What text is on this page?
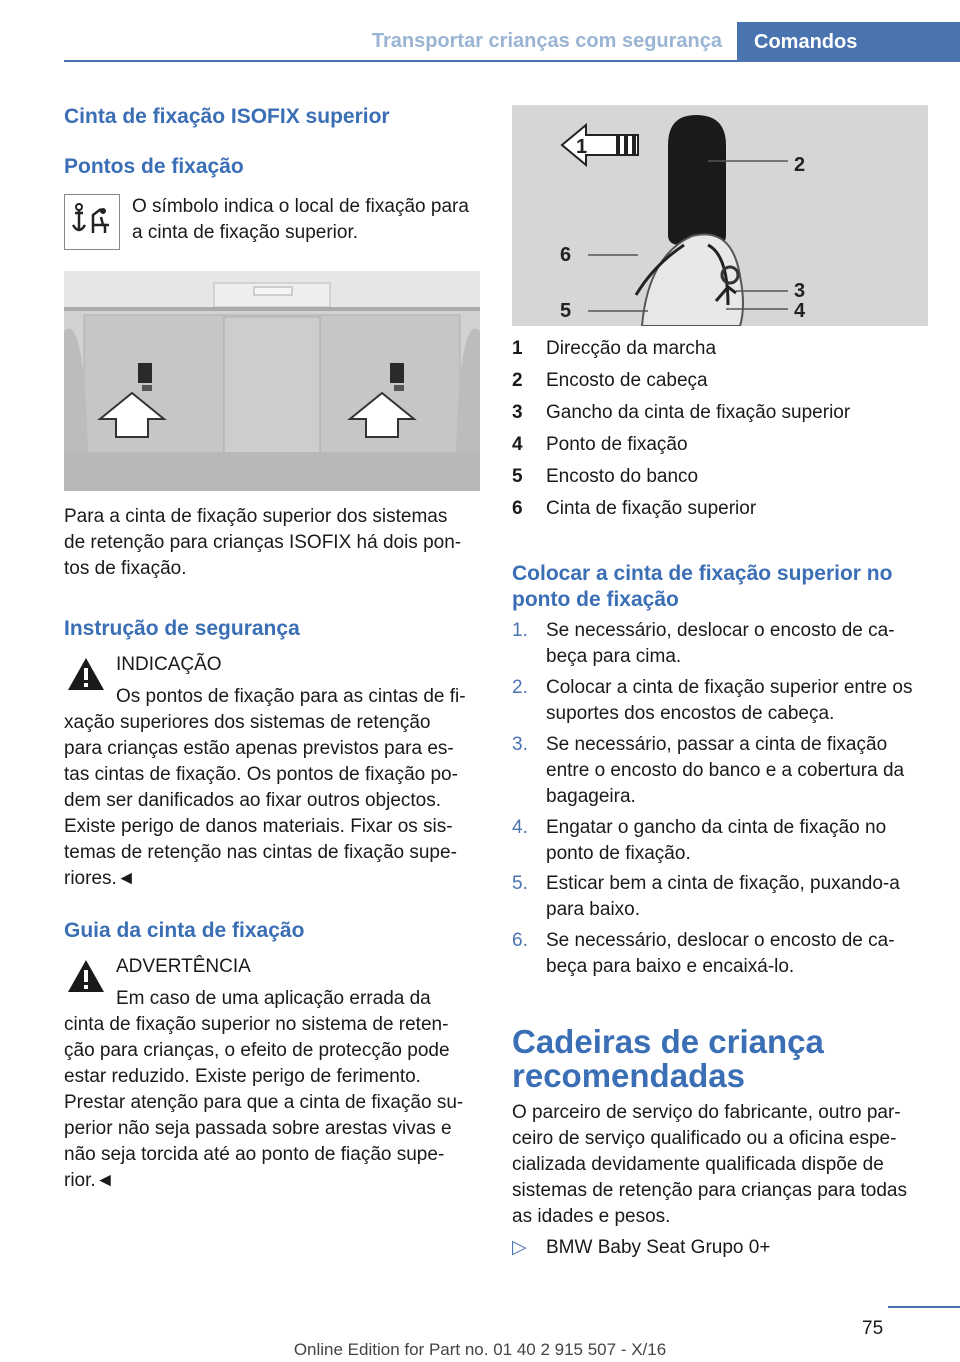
Transportar crianças com segurança	Comandos

Cinta de fixação ISOFIX superior

Pontos de fixação

O símbolo indica o local de fixação para

a cinta de fixação superior.

Para a cinta de fixação superior dos sistemas

de retenção para crianças ISOFIX há dois pon-

tos de fixação.

Instrução de segurança

INDICAÇÃO

Os pontos de fixação para as cintas de fi-

xação superiores dos sistemas de retenção

para crianças estão apenas previstos para es-

tas cintas de fixação. Os pontos de fixação po-

dem ser danificados ao fixar outros objectos.

Existe perigo de danos materiais. Fixar os sis-

temas de retenção nas cintas de fixação supe-

riores.◄

Guia da cinta de fixação

ADVERTÊNCIA

Em caso de uma aplicação errada da

cinta de fixação superior no sistema de reten-

ção para crianças, o efeito de protecção pode

estar reduzido. Existe perigo de ferimento.

Prestar atenção para que a cinta de fixação su-

perior não seja passada sobre arestas vivas e

não seja torcida até ao ponto de fiação supe-

rior.◄

1
2
3
4
5
6
1 Direcção da marcha
2 Encosto de cabeça
3 Gancho da cinta de fixação superior
4 Ponto de fixação
5 Encosto do banco
6 Cinta de fixação superior

Colocar a cinta de fixação superior no

ponto de fixação

1. Se necessário, deslocar o encosto de ca-
beça para cima.
2. Colocar a cinta de fixação superior entre os
suportes dos encostos de cabeça.
3. Se necessário, passar a cinta de fixação
entre o encosto do banco e a cobertura da
bagageira.
4. Engatar o gancho da cinta de fixação no
ponto de fixação.
5. Esticar bem a cinta de fixação, puxando-a
para baixo.
6. Se necessário, deslocar o encosto de ca-
beça para baixo e encaixá-lo.

Cadeiras de criança

recomendadas

O parceiro de serviço do fabricante, outro par-

ceiro de serviço qualificado ou a oficina espe-

cializada devidamente qualificada dispõe de

sistemas de retenção para crianças para todas

as idades e pesos.

▷ BMW Baby Seat Grupo 0+
75
Online Edition for Part no. 01 40 2 915 507 - X/16
